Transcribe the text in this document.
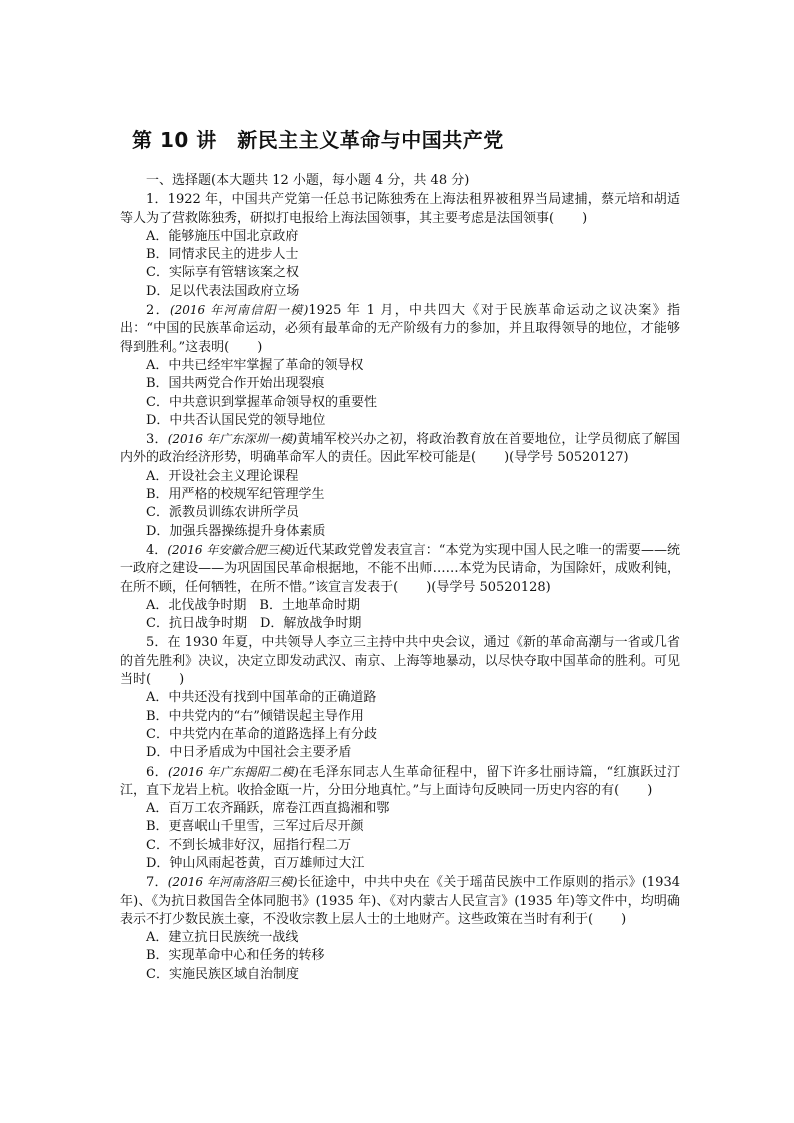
第 10 讲　新民主主义革命与中国共产党

一、选择题(本大题共 12 小题，每小题 4 分，共 48 分)

1．1922 年，中国共产党第一任总书记陈独秀在上海法租界被租界当局逮捕，蔡元培和胡适等人为了营救陈独秀，研拟打电报给上海法国领事，其主要考虑是法国领事( )

A．能够施压中国北京政府

B．同情求民主的进步人士

C．实际享有管辖该案之权

D．足以代表法国政府立场

2．(2016 年河南信阳一模)1925 年 1 月，中共四大《对于民族革命运动之议决案》指出：“中国的民族革命运动，必须有最革命的无产阶级有力的参加，并且取得领导的地位，才能够得到胜利。”这表明( )

A．中共已经牢牢掌握了革命的领导权

B．国共两党合作开始出现裂痕

C．中共意识到掌握革命领导权的重要性

D．中共否认国民党的领导地位

3．(2016 年广东深圳一模)黄埔军校兴办之初，将政治教育放在首要地位，让学员彻底了解国内外的政治经济形势，明确革命军人的责任。因此军校可能是( )(导学号 50520127)

A．开设社会主义理论课程

B．用严格的校规军纪管理学生

C．派教员训练农讲所学员

D．加强兵器操练提升身体素质

4．(2016 年安徽合肥三模)近代某政党曾发表宣言：“本党为实现中国人民之唯一的需要——统一政府之建设——为巩固国民革命根据地，不能不出师……本党为民请命，为国除奸，成败利钝，在所不顾，任何牺牲，在所不惜。”该宣言发表于( )(导学号 50520128)

A．北伐战争时期　B．土地革命时期

C．抗日战争时期　D．解放战争时期

5．在 1930 年夏，中共领导人李立三主持中共中央会议，通过《新的革命高潮与一省或几省的首先胜利》决议，决定立即发动武汉、南京、上海等地暴动，以尽快夺取中国革命的胜利。可见当时( )

A．中共还没有找到中国革命的正确道路

B．中共党内的“右”倾错误起主导作用

C．中共党内在革命的道路选择上有分歧

D．中日矛盾成为中国社会主要矛盾

6．(2016 年广东揭阳二模)在毛泽东同志人生革命征程中，留下许多壮丽诗篇，“红旗跃过汀江，直下龙岩上杭。收拾金瓯一片，分田分地真忙。”与上面诗句反映同一历史内容的有( )

A．百万工农齐踊跃，席卷江西直捣湘和鄂

B．更喜岷山千里雪，三军过后尽开颜

C．不到长城非好汉，屈指行程二万

D．钟山风雨起苍黄，百万雄师过大江

7．(2016 年河南洛阳三模)长征途中，中共中央在《关于瑶苗民族中工作原则的指示》(1934 年)、《为抗日救国告全体同胞书》(1935 年)、《对内蒙古人民宣言》(1935 年)等文件中，均明确表示不打少数民族土豪，不没收宗教上层人士的土地财产。这些政策在当时有利于( )

A．建立抗日民族统一战线

B．实现革命中心和任务的转移

C．实施民族区域自治制度
